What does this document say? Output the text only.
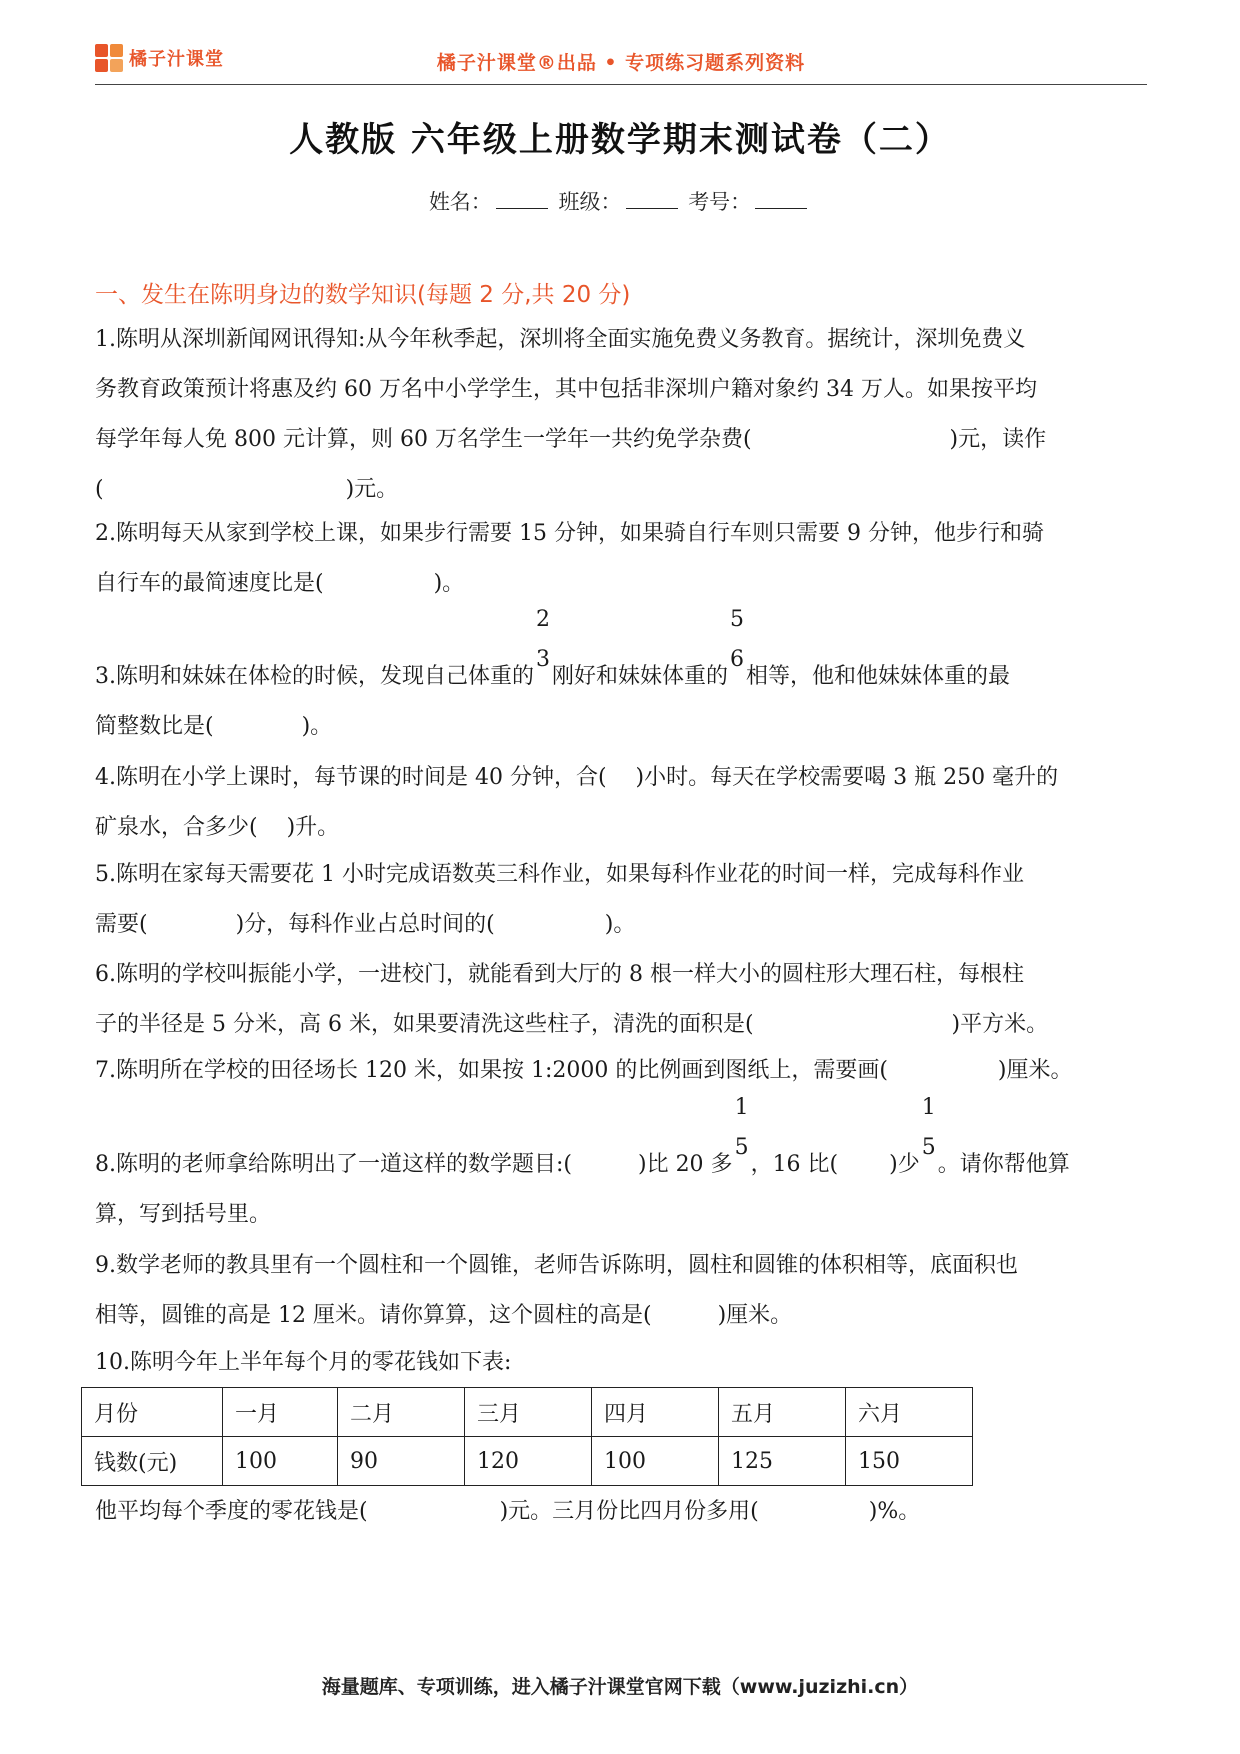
橘子汁课堂	橘子汁课堂®出品 • 专项练习题系列资料
人教版 六年级上册数学期末测试卷（二）
姓名：	班级：	考号：
一、发生在陈明身边的数学知识(每题 2 分,共 20 分)

1.陈明从深圳新闻网讯得知:从今年秋季起，深圳将全面实施免费义务教育。据统计，深圳免费义

务教育政策预计将惠及约 60 万名中小学学生，其中包括非深圳户籍对象约 34 万人。如果按平均

每学年每人免 800 元计算，则 60 万名学生一学年一共约免学杂费(　　　　　　　　　)元，读作

(　　　　　　　　　　　)元。

2.陈明每天从家到学校上课，如果步行需要 15 分钟，如果骑自行车则只需要 9 分钟，他步行和骑

自行车的最简速度比是(　　　　　)。

3.陈明和妹妹在体检的时候，发现自己体重的
2
3
刚好和妹妹体重的
5
6
相等，他和他妹妹体重的最

简整数比是(　　　　)。

4.陈明在小学上课时，每节课的时间是 40 分钟，合(　 )小时。每天在学校需要喝 3 瓶 250 毫升的

矿泉水，合多少(　 )升。

5.陈明在家每天需要花 1 小时完成语数英三科作业，如果每科作业花的时间一样，完成每科作业

需要(　　　　)分，每科作业占总时间的(　　　　　)。

6.陈明的学校叫振能小学，一进校门，就能看到大厅的 8 根一样大小的圆柱形大理石柱，每根柱

子的半径是 5 分米，高 6 米，如果要清洗这些柱子，清洗的面积是(　　　　　　　　　)平方米。

7.陈明所在学校的田径场长 120 米，如果按 1:2000 的比例画到图纸上，需要画(　　　　　)厘米。

8.陈明的老师拿给陈明出了一道这样的数学题目:(　　　)比 20 多
1
5
，16 比(　　 )少
1
5
。请你帮他算

算，写到括号里。

9.数学老师的教具里有一个圆柱和一个圆锥，老师告诉陈明，圆柱和圆锥的体积相等，底面积也

相等，圆锥的高是 12 厘米。请你算算，这个圆柱的高是(　　　)厘米。

10.陈明今年上半年每个月的零花钱如下表:

月份	一月	二月	三月	四月	五月	六月
钱数(元)	100	90	120	100	125	150

他平均每个季度的零花钱是(　　　　　　)元。三月份比四月份多用(　　　　　)%。

海量题库、专项训练，进入橘子汁课堂官网下载（www.juzizhi.cn）
